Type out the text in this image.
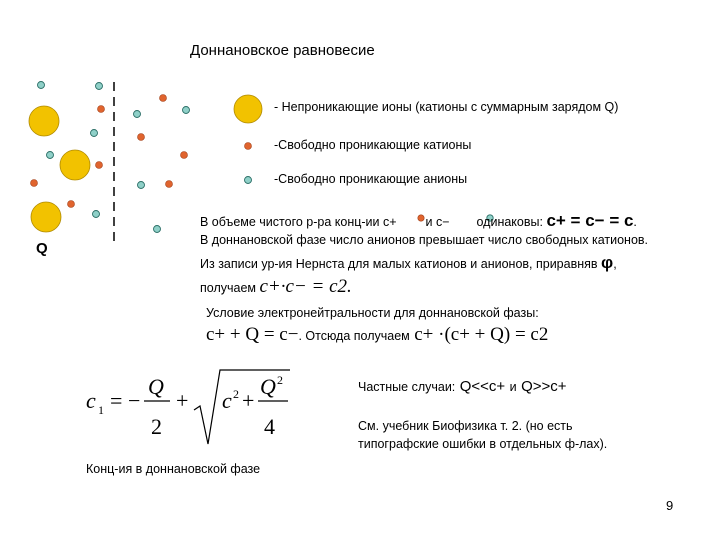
Доннановское равновесие
Q
- Непроникающие ионы (катионы с суммарным зарядом Q)
-Свободно проникающие катионы
-Свободно проникающие анионы
В объеме чистого р-ра конц-ии с+ и с− одинаковы: с+ = с− = с.
В доннановской фазе число анионов превышает число свободных катионов.
Из записи ур-ия Нернста для малых катионов и анионов, приравняв φ,
получаем c+·c− = c2.
Условие электронейтральности для доннановской фазы:
c+ + Q = c−. Отсюда получаем c+ ·(c+ + Q) = c2
Частные случаи: Q<<c+ и Q>>c+
См. учебник Биофизика т. 2. (но есть
типографские ошибки в отдельных ф-лах).
c 1 = −
Q
2
+ c 2 +
Q 2
4
Конц-ия в доннановской фазе
9
